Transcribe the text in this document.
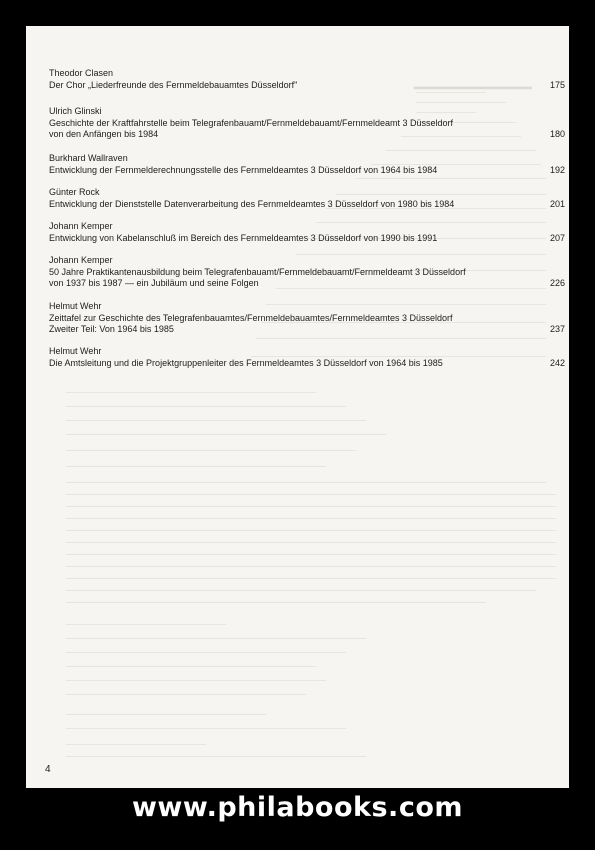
▁▁▁▁▁▁▁▁▁
Theodor Clasen
Der Chor „Liederfreunde des Fernmeldebauamtes Düsseldorf"	175
Ulrich Glinski
Geschichte der Kraftfahrstelle beim Telegrafenbauamt/Fernmeldebauamt/Fernmeldeamt 3 Düsseldorf
von den Anfängen bis 1984	180
Burkhard Wallraven
Entwicklung der Fernmelderechnungsstelle des Fernmeldeamtes 3 Düsseldorf von 1964 bis 1984	192
Günter Rock
Entwicklung der Dienststelle Datenverarbeitung des Fernmeldeamtes 3 Düsseldorf von 1980 bis 1984	201
Johann Kemper
Entwicklung von Kabelanschluß im Bereich des Fernmeldeamtes 3 Düsseldorf von 1990 bis 1991	207
Johann Kemper
50 Jahre Praktikantenausbildung beim Telegrafenbauamt/Fernmeldebauamt/Fernmeldeamt 3 Düsseldorf
von 1937 bis 1987 — ein Jubiläum und seine Folgen	226
Helmut Wehr
Zeittafel zur Geschichte des Telegrafenbauamtes/Fernmeldebauamtes/Fernmeldeamtes 3 Düsseldorf
Zweiter Teil: Von 1964 bis 1985	237
Helmut Wehr
Die Amtsleitung und die Projektgruppenleiter des Fernmeldeamtes 3 Düsseldorf von 1964 bis 1985	242
4
www.philabooks.com
